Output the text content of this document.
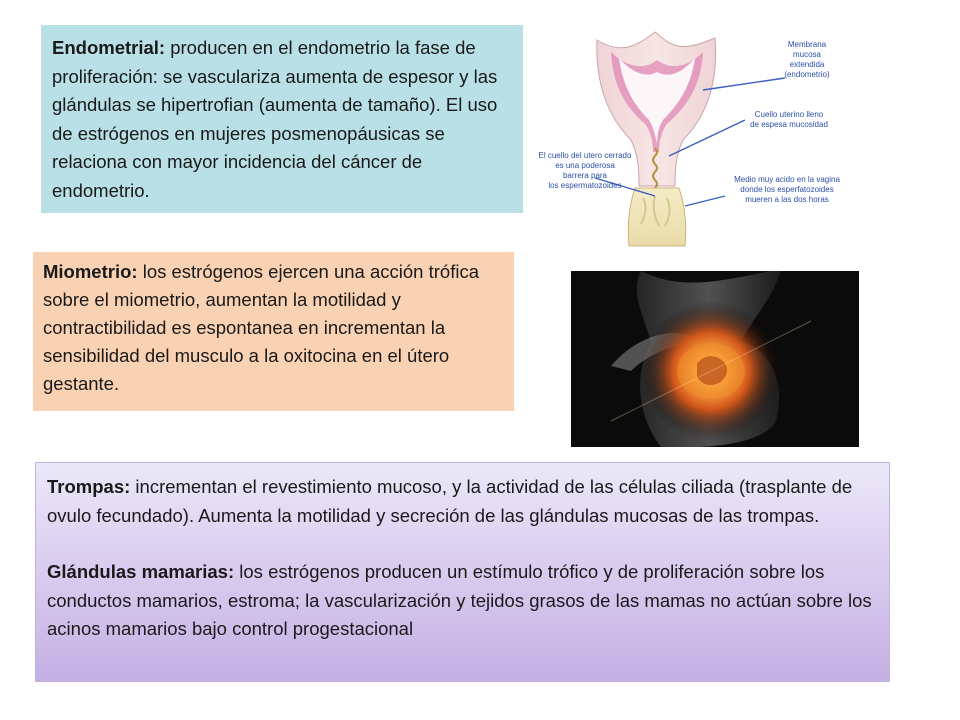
Endometrial: producen en el endometrio la fase de proliferación: se vasculariza aumenta de espesor y las glándulas se hipertrofian (aumenta de tamaño). El uso de estrógenos en mujeres posmenopáusicas se relaciona con mayor incidencia del cáncer de endometrio.
Membrana
mucosa
extendida
(endometrio)
Cuello uterino lleno
de espesa mucosidad
El cuello del utero cerrado
es una poderosa
barrera para
los espermatozoides
Medio muy acido en la vagina
donde los esperfatozoides
mueren a las dos horas
Miometrio: los estrógenos ejercen una acción trófica sobre el miometrio, aumentan la motilidad y contractibilidad es espontanea en incrementan la sensibilidad del musculo a la oxitocina en el útero gestante.

Trompas: incrementan el revestimiento mucoso, y la actividad de las células ciliada (trasplante de ovulo fecundado). Aumenta la motilidad y secreción de las glándulas mucosas de las trompas.

Glándulas mamarias: los estrógenos producen un estímulo trófico y de proliferación sobre los conductos mamarios, estroma; la vascularización y tejidos grasos de las mamas no actúan sobre los acinos mamarios bajo control progestacional
